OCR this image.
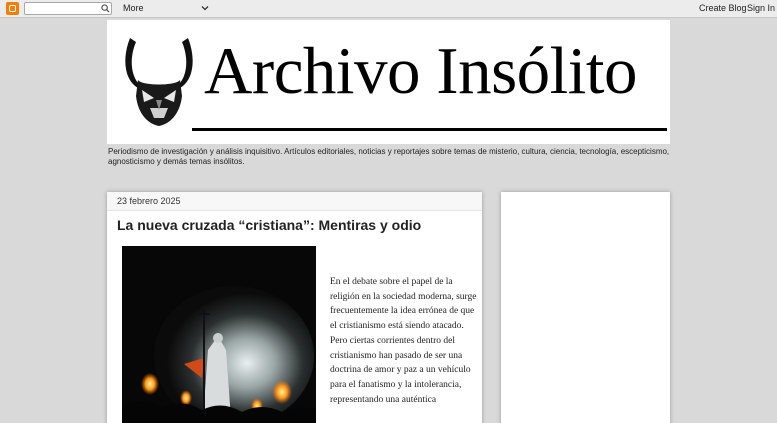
More	Create Blog Sign In
Archivo Insólito
Periodismo de investigación y análisis inquisitivo. Artículos editoriales, noticias y reportajes sobre temas de misterio, cultura, ciencia, tecnología, escepticismo, agnosticismo y demás temas insólitos.
23 febrero 2025
La nueva cruzada “cristiana”: Mentiras y odio
En el debate sobre el papel de la religión en la sociedad moderna, surge frecuentemente la idea errónea de que el cristianismo está siendo atacado. Pero ciertas corrientes dentro del cristianismo han pasado de ser una doctrina de amor y paz a un vehículo para el fanatismo y la intolerancia, representando una auténtica
